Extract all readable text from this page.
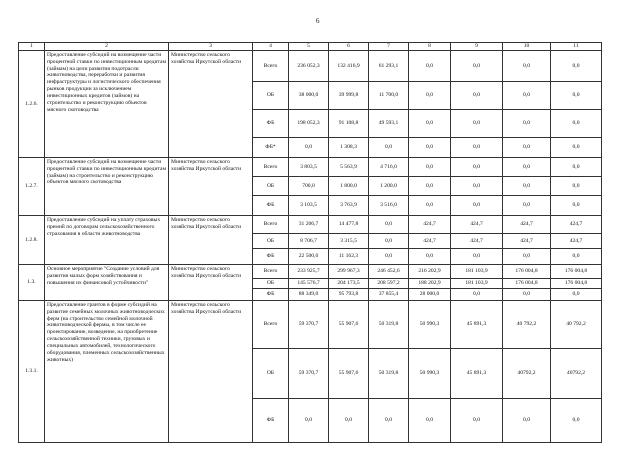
6
1	2	3	4	5	6	7	8	9	10	11
1.2.6.	Предоставление субсидий на возмещение части процентной ставки по инвестиционным кредитам (займам) на цели развития подотрасли животноводства, переработки и развития инфраструктуры и логистического обеспечения рынков продукции за исключением инвестиционных кредитов (займов) на строительство и реконструкцию объектов мясного скотоводства	Министерство сельского хозяйства Иркутской области	Всего	236 052,3	132 416,9	61 293,1	0,0	0,0	0,0	0,0
			ОБ	38 000,0	39 999,8	11 700,0	0,0	0,0	0,0	0,0
			ФБ	198 052,3	91 108,8	49 593,1	0,0	0,0	0,0	0,0
			ФБ*	0,0	1 308,3	0,0	0,0	0,0	0,0	0,0
1.2.7.	Предоставление субсидий на возмещение части процентной ставки по инвестиционным кредитам (займам) на строительство и реконструкцию объектов мясного скотоводства	Министерство сельского хозяйства Иркутской области	Всего	3 803,5	5 563,9	4 716,0	0,0	0,0	0,0	0,0
			ОБ	700,0	1 800,0	1 200,0	0,0	0,0	0,0	0,0
			ФБ	3 103,5	3 763,9	3 516,0	0,0	0,0	0,0	0,0
1.2.8.	Предоставление субсидий на уплату страховых премий по договорам сельскохозяйственного страхования в области животноводства	Министерство сельского хозяйства Иркутской области	Всего	31 206,7	14 477,8	0,0	424,7	424,7	424,7	424,7
			ОБ	8 706,7	3 315,5	0,0	424,7	424,7	424,7	424,7
			ФБ	22 500,0	11 162,3	0,0	0,0	0,0	0,0	0,0
1.3.	Основное мероприятие "Создание условий для развития малых форм хозяйствования и повышения их финансовой устойчивости"	Министерство сельского хозяйства Иркутской области	Всего	233 925,7	299 967,3	246 452,6	216 202,9	181 103,9	176 004,8	176 004,8
			ОБ	145 576,7	204 173,5	208 597,2	188 202,9	181 103,9	176 004,8	176 004,8
			ФБ	88 349,0	95 793,8	37 855,4	28 000,0	0,0	0,0	0,0
1.3.1.	Предоставление грантов в форме субсидий на развитие семейных молочных животноводческих ферм (на строительство семейной молочной животноводческой фермы, в том числе ее проектирование, возведение, на приобретение сельскохозяйственной техники, грузовых и специальных автомобилей, технологического оборудования, племенных сельскохозяйственных животных)	Министерство сельского хозяйства Иркутской области	Всего	59 370,7	55 907,6	50 319,8	50 990,3	45 891,3	40 792,2	40 792,2
			ОБ	59 370,7	55 907,6	50 319,8	50 990,3	45 891,3	40792,2	40792,2
			ФБ	0,0	0,0	0,0	0,0	0,0	0,0	0,0
